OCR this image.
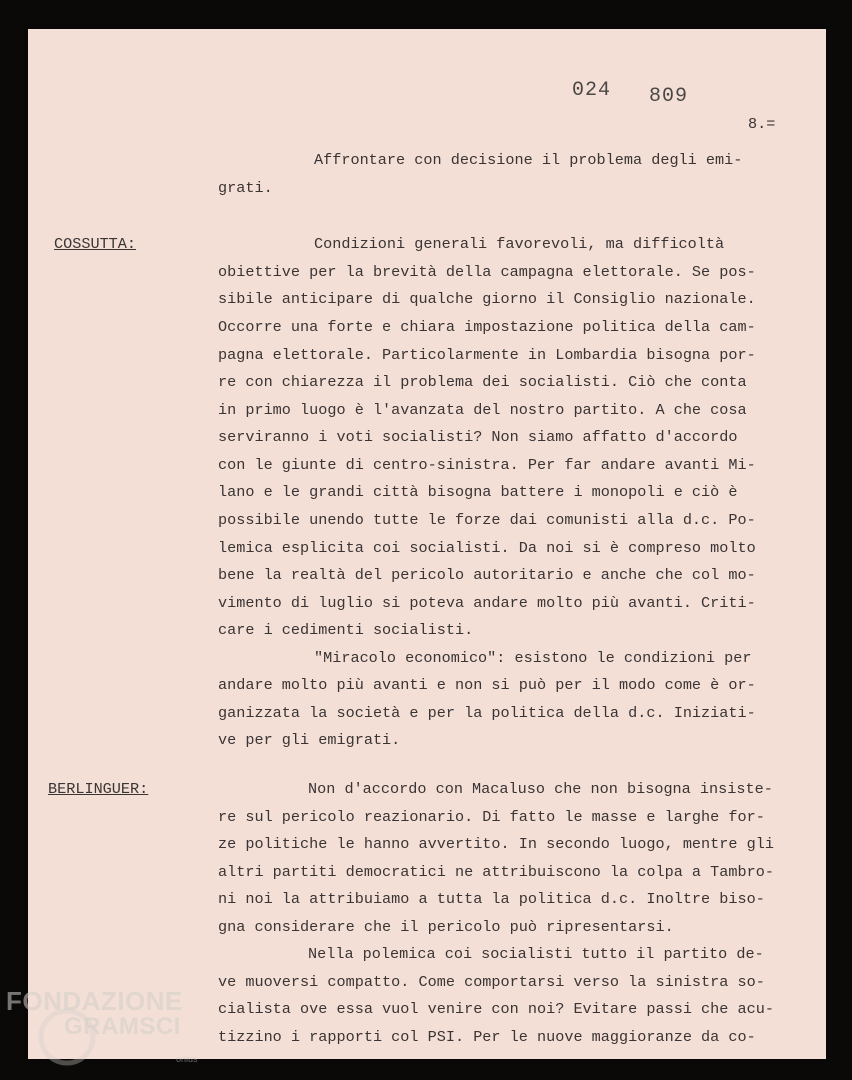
024 809
8.=
Affrontare con decisione il problema degli emi-
grati.
COSSUTTA:	Condizioni generali favorevoli, ma difficoltà
obiettive per la brevità della campagna elettorale. Se pos-
sibile anticipare di qualche giorno il Consiglio nazionale.
Occorre una forte e chiara impostazione politica della cam-
pagna elettorale. Particolarmente in Lombardia bisogna por-
re con chiarezza il problema dei socialisti. Ciò che conta
in primo luogo è l'avanzata del nostro partito. A che cosa
serviranno i voti socialisti? Non siamo affatto d'accordo
con le giunte di centro-sinistra. Per far andare avanti Mi-
lano e le grandi città bisogna battere i monopoli e ciò è
possibile unendo tutte le forze dai comunisti alla d.c. Po-
lemica esplicita coi socialisti. Da noi si è compreso molto
bene la realtà del pericolo autoritario e anche che col mo-
vimento di luglio si poteva andare molto più avanti. Criti-
care i cedimenti socialisti.
"Miracolo economico": esistono le condizioni per
andare molto più avanti e non si può per il modo come è or-
ganizzata la società e per la politica della d.c. Iniziati-
ve per gli emigrati.
BERLINGUER:	Non d'accordo con Macaluso che non bisogna insiste-
re sul pericolo reazionario. Di fatto le masse e larghe for-
ze politiche le hanno avvertito. In secondo luogo, mentre gli
altri partiti democratici ne attribuiscono la colpa a Tambro-
ni noi la attribuiamo a tutta la politica d.c. Inoltre biso-
gna considerare che il pericolo può ripresentarsi.
Nella polemica coi socialisti tutto il partito de-
ve muoversi compatto. Come comportarsi verso la sinistra so-
cialista ove essa vuol venire con noi? Evitare passi che acu-
tizzino i rapporti col PSI. Per le nuove maggioranze da co-
FONDAZIONE
GRAMSCI
onlus
